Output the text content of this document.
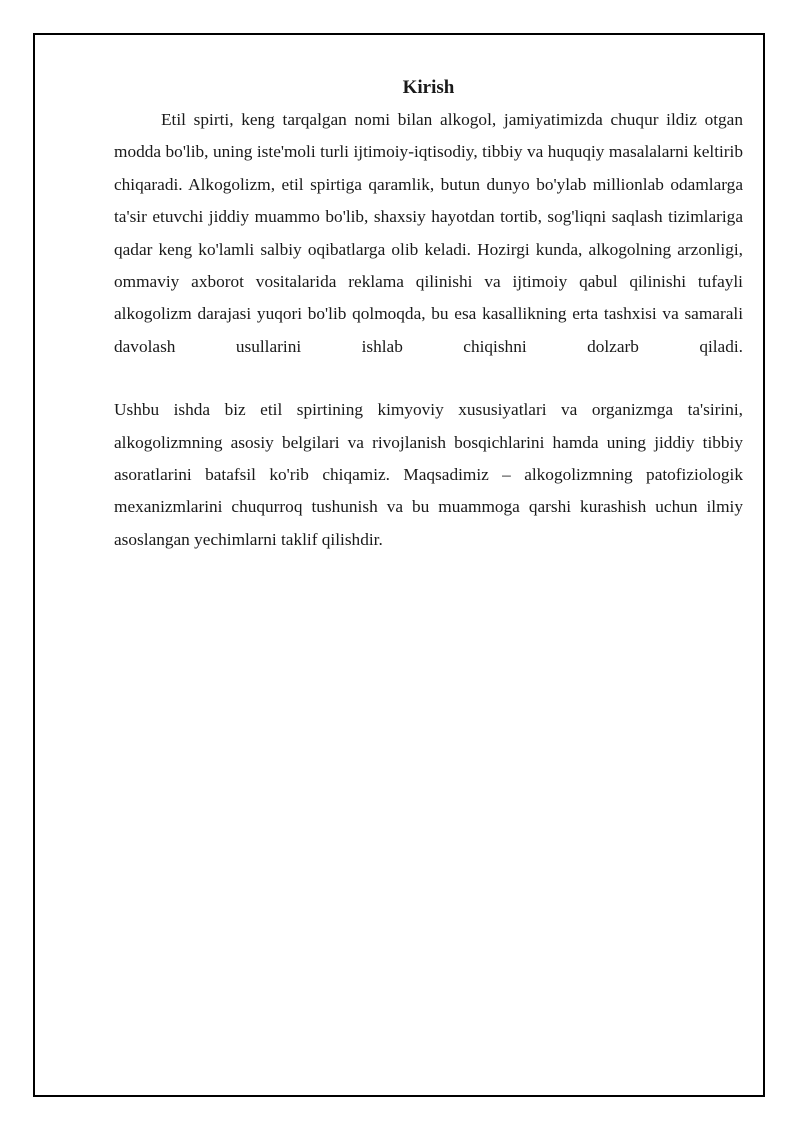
Kirish

Etil spirti, keng tarqalgan nomi bilan alkogol, jamiyatimizda chuqur ildiz otgan modda bo'lib, uning iste'moli turli ijtimoiy-iqtisodiy, tibbiy va huquqiy masalalarni keltirib chiqaradi. Alkogolizm, etil spirtiga qaramlik, butun dunyo bo'ylab millionlab odamlarga ta'sir etuvchi jiddiy muammo bo'lib, shaxsiy hayotdan tortib, sog'liqni saqlash tizimlariga qadar keng ko'lamli salbiy oqibatlarga olib keladi. Hozirgi kunda, alkogolning arzonligi, ommaviy axborot vositalarida reklama qilinishi va ijtimoiy qabul qilinishi tufayli alkogolizm darajasi yuqori bo'lib qolmoqda, bu esa kasallikning erta tashxisi va samarali davolash usullarini ishlab chiqishni dolzarb qiladi.

Ushbu ishda biz etil spirtining kimyoviy xususiyatlari va organizmga ta'sirini, alkogolizmning asosiy belgilari va rivojlanish bosqichlarini hamda uning jiddiy tibbiy asoratlarini batafsil ko'rib chiqamiz. Maqsadimiz – alkogolizmning patofiziologik mexanizmlarini chuqurroq tushunish va bu muammoga qarshi kurashish uchun ilmiy asoslangan yechimlarni taklif qilishdir.
